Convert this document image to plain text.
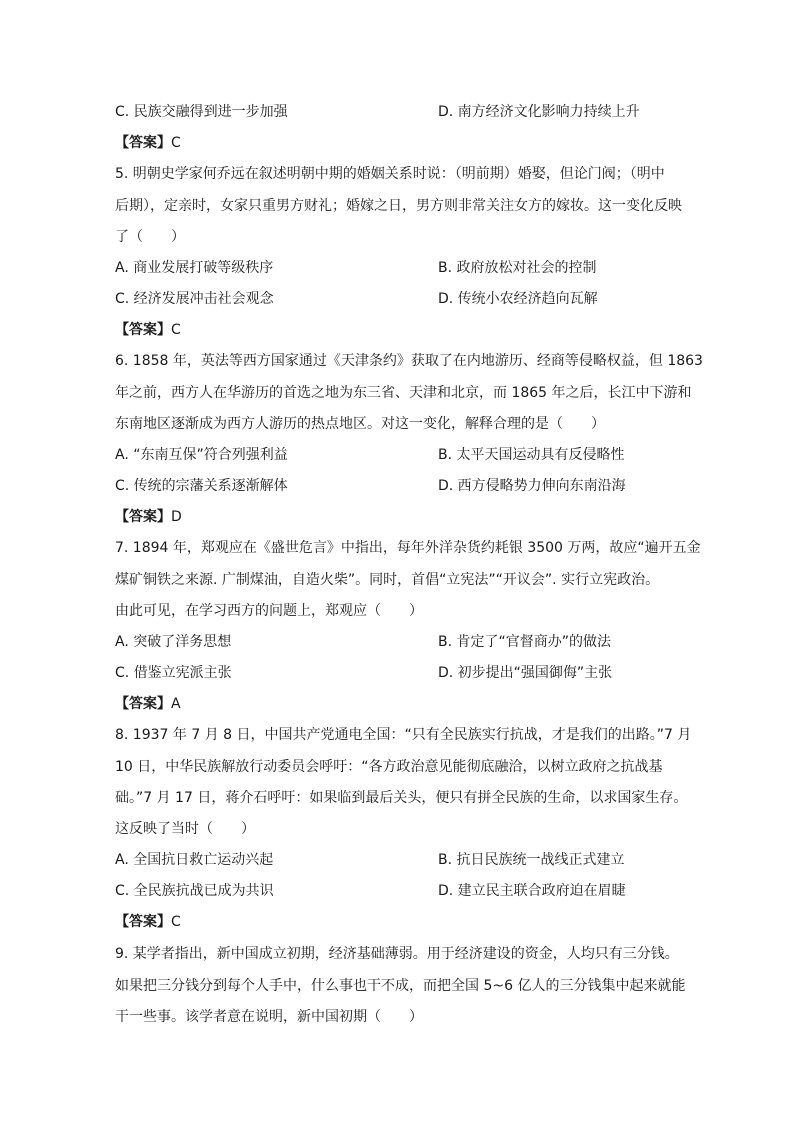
C. 民族交融得到进一步加强	D. 南方经济文化影响力持续上升
【答案】C
5. 明朝史学家何乔远在叙述明朝中期的婚姻关系时说：（明前期）婚娶，但论门阀；（明中
后期），定亲时，女家只重男方财礼；婚嫁之日，男方则非常关注女方的嫁妆。这一变化反映
了（　　）
A. 商业发展打破等级秩序	B. 政府放松对社会的控制
C. 经济发展冲击社会观念	D. 传统小农经济趋向瓦解
【答案】C
6. 1858 年，英法等西方国家通过《天津条约》获取了在内地游历、经商等侵略权益，但 1863
年之前，西方人在华游历的首选之地为东三省、天津和北京，而 1865 年之后，长江中下游和
东南地区逐渐成为西方人游历的热点地区。对这一变化，解释合理的是（　　）
A. “东南互保”符合列强利益	B. 太平天国运动具有反侵略性
C. 传统的宗藩关系逐渐解体	D. 西方侵略势力伸向东南沿海
【答案】D
7. 1894 年，郑观应在《盛世危言》中指出，每年外洋杂货约耗银 3500 万两，故应“遍开五金
煤矿铜铁之来源. 广制煤油，自造火柴”。同时，首倡“立宪法”“开议会”. 实行立宪政治。
由此可见，在学习西方的问题上，郑观应（　　）
A. 突破了洋务思想	B. 肯定了“官督商办”的做法
C. 借鉴立宪派主张	D. 初步提出“强国御侮”主张
【答案】A
8. 1937 年 7 月 8 日，中国共产党通电全国：“只有全民族实行抗战，才是我们的出路。”7 月
10 日，中华民族解放行动委员会呼吁：“各方政治意见能彻底融洽，以树立政府之抗战基
础。”7 月 17 日，蒋介石呼吁：如果临到最后关头，便只有拼全民族的生命，以求国家生存。
这反映了当时（　　）
A. 全国抗日救亡运动兴起	B. 抗日民族统一战线正式建立
C. 全民族抗战已成为共识	D. 建立民主联合政府迫在眉睫
【答案】C
9. 某学者指出，新中国成立初期，经济基础薄弱。用于经济建设的资金，人均只有三分钱。
如果把三分钱分到每个人手中，什么事也干不成，而把全国 5~6 亿人的三分钱集中起来就能
干一些事。该学者意在说明，新中国初期（　　）
